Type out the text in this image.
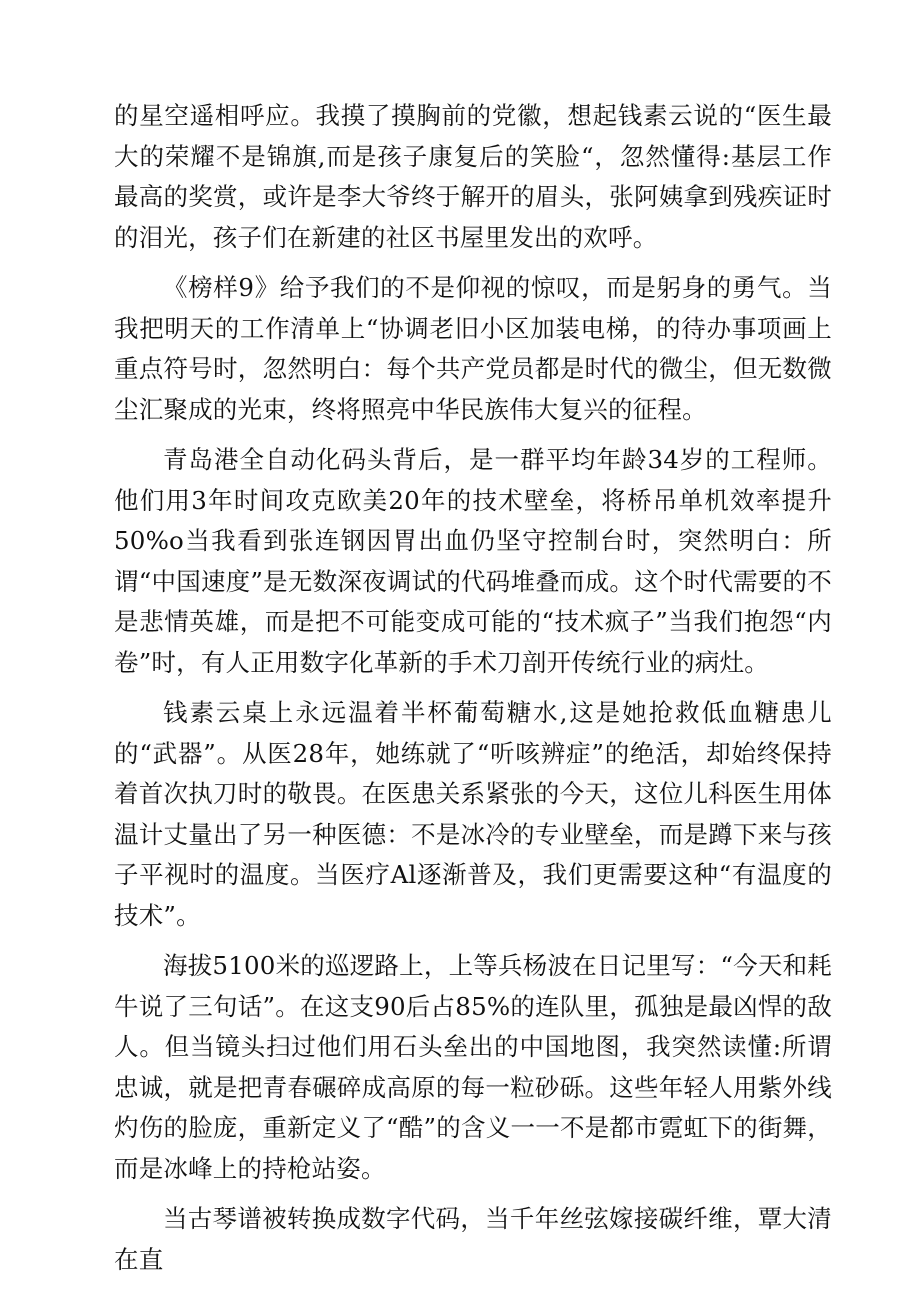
的星空遥相呼应。我摸了摸胸前的党徽，想起钱素云说的“医生最大的荣耀不是锦旗,而是孩子康复后的笑脸“，忽然懂得:基层工作最高的奖赏，或许是李大爷终于解开的眉头，张阿姨拿到残疾证时的泪光，孩子们在新建的社区书屋里发出的欢呼。

《榜样9》给予我们的不是仰视的惊叹，而是躬身的勇气。当我把明天的工作清单上“协调老旧小区加装电梯，的待办事项画上重点符号时，忽然明白：每个共产党员都是时代的微尘，但无数微尘汇聚成的光束，终将照亮中华民族伟大复兴的征程。

青岛港全自动化码头背后，是一群平均年龄34岁的工程师。他们用3年时间攻克欧美20年的技术壁垒，将桥吊单机效率提升50%o当我看到张连钢因胃出血仍坚守控制台时，突然明白：所谓“中国速度”是无数深夜调试的代码堆叠而成。这个时代需要的不是悲情英雄，而是把不可能变成可能的“技术疯子”当我们抱怨“内卷”时，有人正用数字化革新的手术刀剖开传统行业的病灶。

钱素云桌上永远温着半杯葡萄糖水,这是她抢救低血糖患儿的“武器”。从医28年，她练就了“听咳辨症”的绝活，却始终保持着首次执刀时的敬畏。在医患关系紧张的今天，这位儿科医生用体温计丈量出了另一种医德：不是冰冷的专业壁垒，而是蹲下来与孩子平视时的温度。当医疗Al逐渐普及，我们更需要这种“有温度的技术”。

海拔5100米的巡逻路上，上等兵杨波在日记里写：“今天和耗牛说了三句话”。在这支90后占85%的连队里，孤独是最凶悍的敌人。但当镜头扫过他们用石头垒出的中国地图，我突然读懂:所谓忠诚，就是把青春碾碎成高原的每一粒砂砾。这些年轻人用紫外线灼伤的脸庞，重新定义了“酷”的含义一一不是都市霓虹下的街舞，而是冰峰上的持枪站姿。

当古琴谱被转换成数字代码，当千年丝弦嫁接碳纤维，覃大清在直
